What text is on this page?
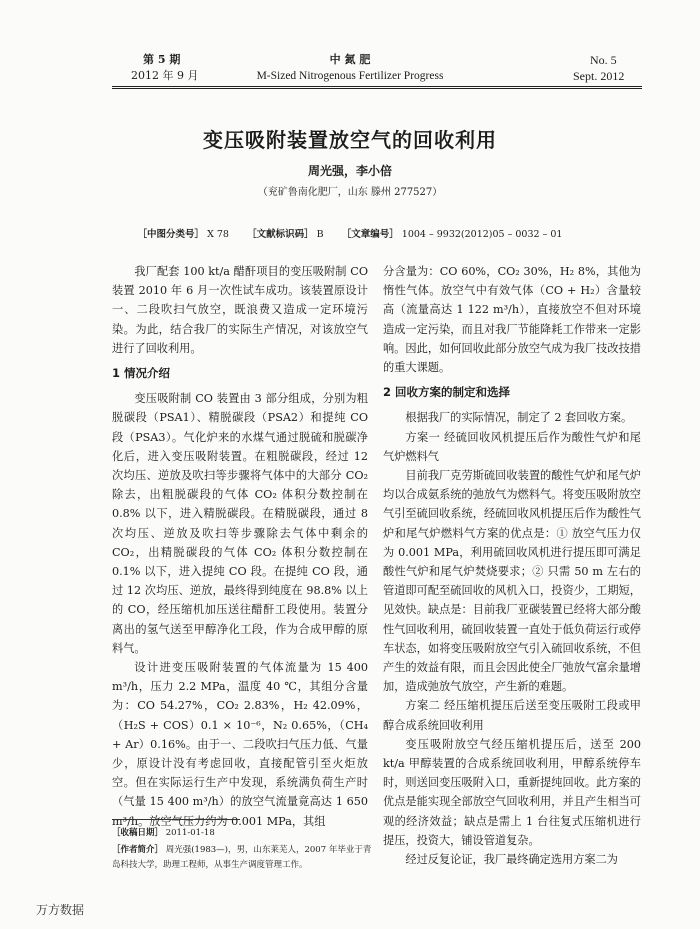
第 5 期
2012 年 9 月
中 氮 肥
M-Sized Nitrogenous Fertilizer Progress
No. 5
Sept. 2012
变压吸附装置放空气的回收利用
周光强，李小倍
（兖矿鲁南化肥厂，山东 滕州 277527）
［中图分类号］ X 78 ［文献标识码］ B ［文章编号］ 1004 – 9932(2012)05 – 0032 – 01

我厂配套 100 kt/a 醋酐项目的变压吸附制 CO 装置 2010 年 6 月一次性试车成功。该装置原设计一、二段吹扫气放空，既浪费又造成一定环境污染。为此，结合我厂的实际生产情况，对该放空气进行了回收利用。

1 情况介绍

变压吸附制 CO 装置由 3 部分组成，分别为粗脱碳段（PSA1）、精脱碳段（PSA2）和提纯 CO 段（PSA3）。气化炉来的水煤气通过脱硫和脱碳净化后，进入变压吸附装置。在粗脱碳段，经过 12 次均压、逆放及吹扫等步骤将气体中的大部分 CO₂ 除去，出粗脱碳段的气体 CO₂ 体积分数控制在 0.8% 以下，进入精脱碳段。在精脱碳段，通过 8 次均压、逆放及吹扫等步骤除去气体中剩余的 CO₂，出精脱碳段的气体 CO₂ 体积分数控制在 0.1% 以下，进入提纯 CO 段。在提纯 CO 段，通过 12 次均压、逆放，最终得到纯度在 98.8% 以上的 CO，经压缩机加压送往醋酐工段使用。装置分离出的氢气送至甲醇净化工段，作为合成甲醇的原料气。

设计进变压吸附装置的气体流量为 15 400 m³/h，压力 2.2 MPa，温度 40 ℃，其组分含量为：CO 54.27%，CO₂ 2.83%，H₂ 42.09%，（H₂S + COS）0.1 × 10⁻⁶，N₂ 0.65%，（CH₄ + Ar）0.16%。由于一、二段吹扫气压力低、气量少，原设计没有考虑回收，直接配管引至火炬放空。但在实际运行生产中发现，系统满负荷生产时（气量 15 400 m³/h）的放空气流量竟高达 1 650 m³/h。放空气压力约为 0.001 MPa，其组

分含量为：CO 60%，CO₂ 30%，H₂ 8%，其他为惰性气体。放空气中有效气体（CO + H₂）含量较高（流量高达 1 122 m³/h），直接放空不但对环境造成一定污染，而且对我厂节能降耗工作带来一定影响。因此，如何回收此部分放空气成为我厂技改技措的重大课题。

2 回收方案的制定和选择

根据我厂的实际情况，制定了 2 套回收方案。

方案一 经硫回收风机提压后作为酸性气炉和尾气炉燃料气

目前我厂克劳斯硫回收装置的酸性气炉和尾气炉均以合成氨系统的弛放气为燃料气。将变压吸附放空气引至硫回收系统，经硫回收风机提压后作为酸性气炉和尾气炉燃料气方案的优点是：① 放空气压力仅为 0.001 MPa，利用硫回收风机进行提压即可满足酸性气炉和尾气炉焚烧要求；② 只需 50 m 左右的管道即可配至硫回收的风机入口，投资少，工期短，见效快。缺点是：目前我厂亚碳装置已经将大部分酸性气回收利用，硫回收装置一直处于低负荷运行或停车状态，如将变压吸附放空气引入硫回收系统，不但产生的效益有限，而且会因此使全厂弛放气富余量增加，造成弛放气放空，产生新的难题。

方案二 经压缩机提压后送至变压吸附工段或甲醇合成系统回收利用

变压吸附放空气经压缩机提压后，送至 200 kt/a 甲醇装置的合成系统回收利用，甲醇系统停车时，则送回变压吸附入口，重新提纯回收。此方案的优点是能实现全部放空气回收利用，并且产生相当可观的经济效益；缺点是需上 1 台往复式压缩机进行提压，投资大，铺设管道复杂。

经过反复论证，我厂最终确定选用方案二为

［收稿日期］ 2011-01-18
［作者简介］ 周光强(1983—)，男，山东莱芜人，2007 年毕业于青岛科技大学，助理工程师，从事生产调度管理工作。
万方数据
